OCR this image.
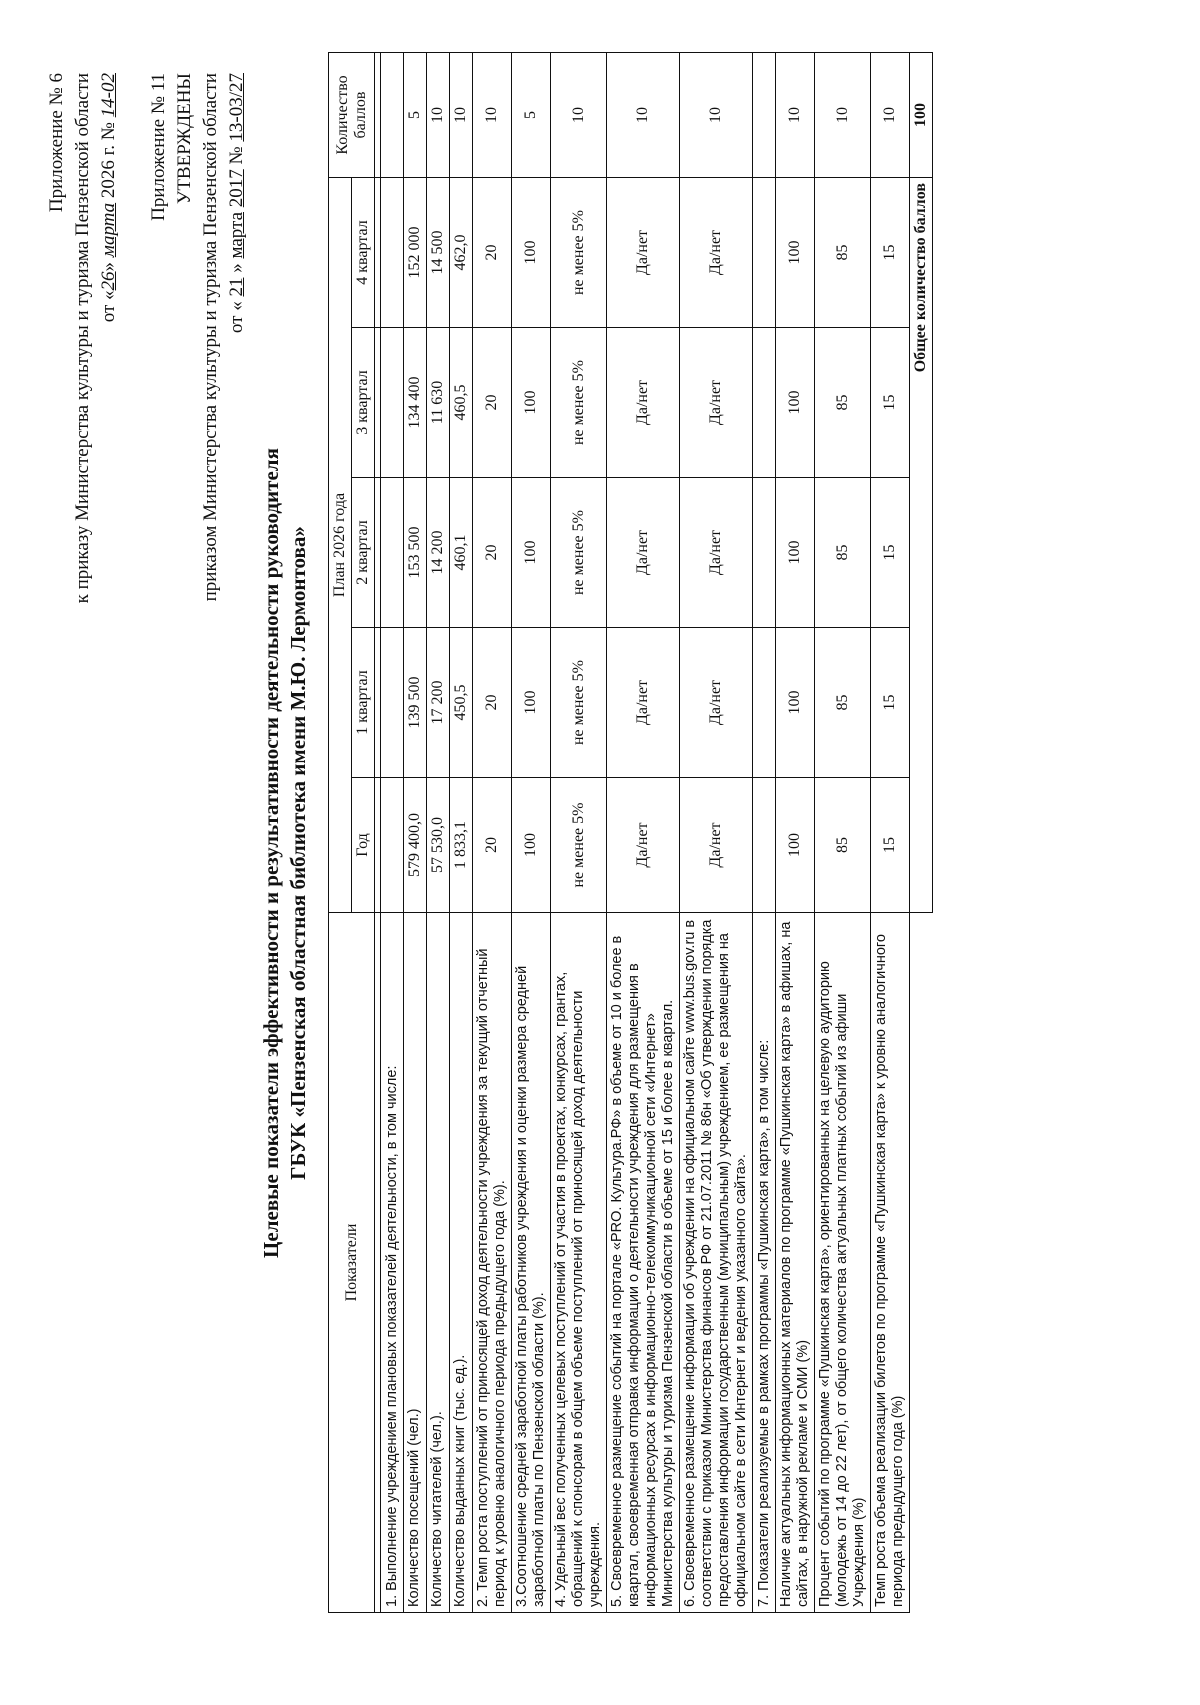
Приложение № 6 к приказу Министерства культуры и туризма Пензенской области от «26» марта 2026 г. № 14-02 Приложение № 11 УТВЕРЖДЕНЫ приказом Министерства культуры и туризма Пензенской области от « 21 » марта 2017 № 13-03/27
Целевые показатели эффективности и результативности деятельности руководителя ГБУК «Пензенская областная библиотека имени М.Ю. Лермонтова»
Показатели	План 2026 года					Количество баллов
	Год	1 квартал	2 квартал	3 квартал	4 квартал	

1. Выполнение учреждением плановых показателей деятельности, в том числе:						
Количество посещений (чел.)	579 400,0	139 500	153 500	134 400	152 000	5
Количество читателей (чел.).	57 530,0	17 200	14 200	11 630	14 500	10
Количество выданных книг (тыс. ед.).	1 833,1	450,5	460,1	460,5	462,0	10
2. Темп роста поступлений от приносящей доход деятельности учреждения за текущий отчетный период к уровню аналогичного периода предыдущего года (%).	20	20	20	20	20	10
3.Соотношение средней заработной платы работников учреждения и оценки размера средней заработной платы по Пензенской области (%).	100	100	100	100	100	5
4. Удельный вес полученных целевых поступлений от участия в проектах, конкурсах, грантах, обращений к спонсорам в общем объеме поступлений от приносящей доход деятельности учреждения.	не менее 5%	не менее 5%	не менее 5%	не менее 5%	не менее 5%	10
5. Своевременное размещение событий на портале «PRO. Культура.РФ» в объеме от 10 и более в квартал, своевременная отправка информации о деятельности учреждения для размещения в информационных ресурсах в информационно-телекоммуникационной сети «Интернет» Министерства культуры и туризма Пензенской области в объеме от 15 и более в квартал.	Да/нет	Да/нет	Да/нет	Да/нет	Да/нет	10
6. Своевременное размещение информации об учреждении на официальном сайте www.bus.gov.ru в соответствии с приказом Министерства финансов РФ от 21.07.2011 № 86н «Об утверждении порядка предоставления информации государственным (муниципальным) учреждением, ее размещения на официальном сайте в сети Интернет и ведения указанного сайта».	Да/нет	Да/нет	Да/нет	Да/нет	Да/нет	10
7. Показатели реализуемые в рамках программы «Пушкинская карта», в том числе:						
Наличие актуальных информационных материалов по программе «Пушкинская карта» в афишах, на сайтах, в наружной рекламе и СМИ (%)	100	100	100	100	100	10
Процент событий по программе «Пушкинская карта», ориентированных на целевую аудиторию (молодежь от 14 до 22 лет), от общего количества актуальных платных событий из афиши Учреждения (%)	85	85	85	85	85	10
Темп роста объема реализации билетов по программе «Пушкинская карта» к уровню аналогичного периода предыдущего года (%)	15	15	15	15	15	10
	Общее количество баллов					100
